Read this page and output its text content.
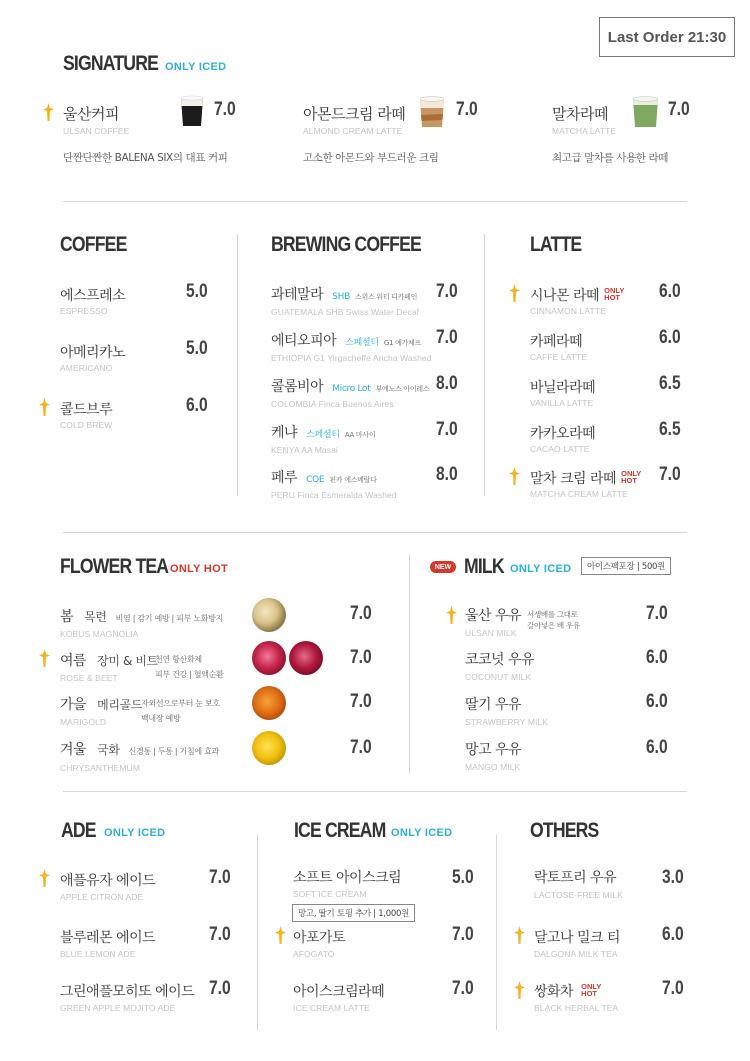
Last Order 21:30
SIGNATURE ONLY ICED
울산커피
ULSAN COFFEE
7.0
단짠단짠한 BALENA SIX의 대표 커피
아몬드크림 라떼
ALMOND CREAM LATTE
7.0
고소한 아몬드와 부드러운 크림
말차라떼
MATCHA LATTE
7.0
최고급 말차를 사용한 라떼
COFFEE
에스프레소
ESPRESSO
5.0
아메리카노
AMERICANO
5.0
콜드브루
COLD BREW
6.0
BREWING COFFEE
과테말라 SHB 스위스 워터 디카페인
GUATEMALA SHB Swiss Water Decaf
7.0
에티오피아 스페셜티 G1 예가체프
ETHIOPIA G1 Yirgacheffe Aricha Washed
7.0
콜롬비아 Micro Lot 부에노스 아이레스
COLOMBIA Finca Buenos Aires
8.0
케냐 스페셜티 AA 마사이
KENYA AA Masai
7.0
페루 COE 핀카 에스메랄다
PERU Finca Esmeralda Washed
8.0
LATTE
시나몬 라떼 ONLY
HOT
CINNAMON LATTE
6.0
카페라떼
CAFFE LATTE
6.0
바닐라라떼
VANILLA LATTE
6.5
카카오라떼
CACAO LATTE
6.5
말차 크림 라떼 ONLY
HOT
MATCHA CREAM LATTE
7.0
FLOWER TEA ONLY HOT
봄 목련 비염 | 감기 예방 | 피부 노화방지
KOBUS MAGNOLIA
7.0
여름 장미 & 비트
천연 항산화제
피부 건강 | 혈액순환
ROSE & BEET
7.0
가을 메리골드 자외선으로부터 눈 보호
백내장 예방
MARIGOLD
7.0
겨울 국화 신경통 | 두통 | 기침에 효과
CHRYSANTHEMUM
7.0
NEW MILK ONLY ICED	아이스팩포장 | 500원
울산 우유 서생배를 그대로
갈아넣은 배 우유
ULSAN MILK
7.0
코코넛 우유
COCONUT MILK
6.0
딸기 우유
STRAWBERRY MILK
6.0
망고 우유
MANGO MILK
6.0
ADE ONLY ICED
애플유자 에이드
APPLE CITRON ADE
7.0
블루레몬 에이드
BLUE LEMON ADE
7.0
그린애플모히또 에이드
GREEN APPLE MOJITO ADE
7.0
ICE CREAM ONLY ICED
소프트 아이스크림
SOFT ICE CREAM
5.0
망고, 딸기 토핑 추가 | 1,000원
아포가토
AFOGATO
7.0
아이스크림라떼
ICE CREAM LATTE
7.0
OTHERS
락토프리 우유
LACTOSE-FREE MILK
3.0
달고나 밀크 티
DALGONA MILK TEA
6.0
쌍화차 ONLY
HOT
BLACK HERBAL TEA
7.0
